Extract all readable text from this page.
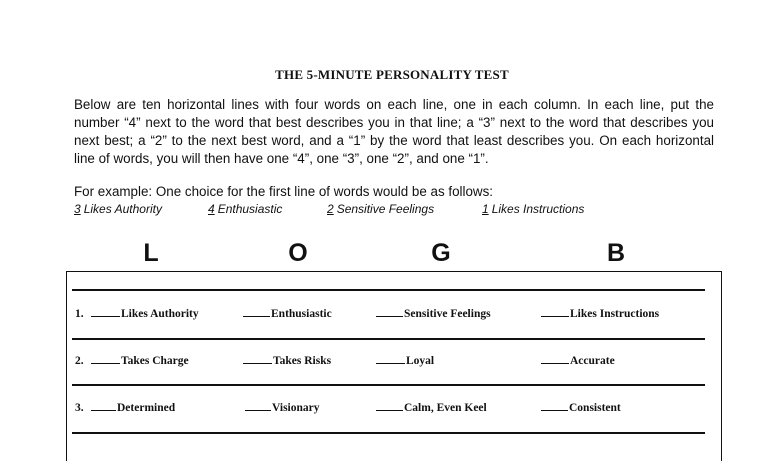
THE 5-MINUTE PERSONALITY TEST

Below are ten horizontal lines with four words on each line, one in each column. In each line, put the number “4” next to the word that best describes you in that line; a “3” next to the word that describes you next best; a “2” to the next best word, and a “1” by the word that least describes you. On each horizontal line of words, you will then have one “4”, one “3”, one “2”, and one “1”.

For example: One choice for the first line of words would be as follows:

3 Likes Authority	4 Enthusiastic	2 Sensitive Feelings	1 Likes Instructions
L	O	G	B
1.	Likes Authority	Enthusiastic	Sensitive Feelings	Likes Instructions
2.	Takes Charge	Takes Risks	Loyal	Accurate
3.	Determined	Visionary	Calm, Even Keel	Consistent
